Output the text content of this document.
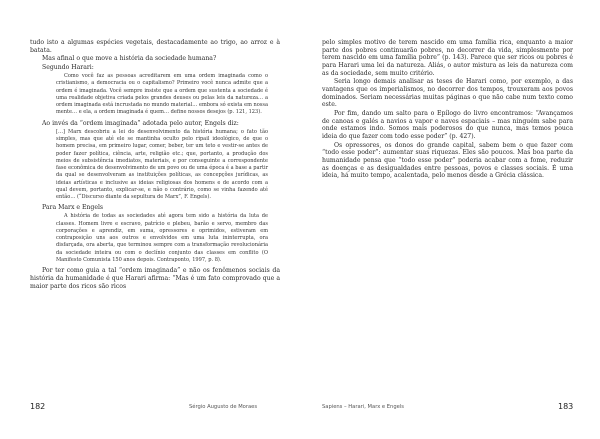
tudo isto a algumas espécies vegetais, destacadamente ao trigo, ao arroz e à batata.

Mas afinal o que move a história da sociedade humana?

Segundo Harari:

Como você faz as pessoas acreditarem em uma ordem imaginada como o cristianismo, a democracia ou o capitalismo? Primeiro você nunca admite que a ordem é imaginada. Você sempre insiste que a ordem que sustenta a sociedade é uma realidade objetiva criada pelos grandes deuses ou pelas leis da natureza… a ordem imaginada está incrustada no mundo material… embora só exista em nossa mente… e ela, a ordem imaginada é quem… define nossos desejos (p. 121, 123).

Ao invés da “ordem imaginada” adotada pelo autor, Engels diz:

[…] Marx descobriu a lei do desenvolvimento da história humana; o fato tão simples, mas que até ele se mantinha oculto pelo ripail ideológico, de que o homem precisa, em primeiro lugar, comer, beber, ter um teto e vestir-se antes de poder fazer política, ciência, arte, religião etc.; que, portanto, a produção dos meios de subsistência imediatos, materiais, e por conseguinte a correspondente fase econômica de desenvolvimento de um povo ou de uma época é a base a partir da qual se desenvolveram as instituições políticas, as concepções jurídicas, as ideias artísticas e inclusive as ideias religiosas dos homens e de acordo com a qual devem, portanto, explicar-se, e não o contrário, como se vinha fazendo até então… (“Discurso diante da sepultura de Marx”, F. Engels).

Para Marx e Engels

A história de todas as sociedades até agora tem sido a história da luta de classes. Homem livre e escravo, patrício e plebeu, barão e servo, membro das corporações e aprendiz, em suma, opressores e oprimidos, estiveram em contraposição uns aos outros e envolvidos em uma luta ininterrupta, ora disfarçada, ora aberta, que terminou sempre com a transformação revolucionária da sociedade inteira ou com o declínio conjunto das classes em conflito (O Manifesto Comunista 150 anos depois. Contraponto, 1997, p. 8).

Por ter como guia a tal “ordem imaginada” e não os fenômenos sociais da história da humanidade é que Harari afirma: “Mas é um fato comprovado que a maior parte dos ricos são ricos

pelo simples motivo de terem nascido em uma família rica, enquanto a maior parte dos pobres continuarão pobres, no decorrer da vida, simplesmente por terem nascido em uma família pobre” (p. 143). Parece que ser ricos ou pobres é para Harari uma lei da natureza. Aliás, o autor mistura as leis da natureza com as da sociedade, sem muito critério.

Seria longo demais analisar as teses de Harari como, por exemplo, a das vantagens que os imperialismos, no decorrer dos tempos, trouxeram aos povos dominados. Seriam necessárias muitas páginas o que não cabe num texto como este.

Por fim, dando um salto para o Epílogo do livro encontramos: “Avançamos de canoas e galés a navios a vapor e naves espaciais – mas ninguém sabe para onde estamos indo. Somos mais poderosos do que nunca, mas temos pouca ideia do que fazer com todo esse poder” (p. 427).

Os opressores, os donos do grande capital, sabem bem o que fazer com “todo esse poder”: aumentar suas riquezas. Eles são poucos. Mas boa parte da humanidade pensa que “todo esse poder” poderia acabar com a fome, reduzir as doenças e as desigualdades entre pessoas, povos e classes sociais. É uma ideia, há muito tempo, acalentada, pelo menos desde a Grécia clássica.

182	Sérgio Augusto de Moraes	Sapiens – Harari, Marx e Engels	183
